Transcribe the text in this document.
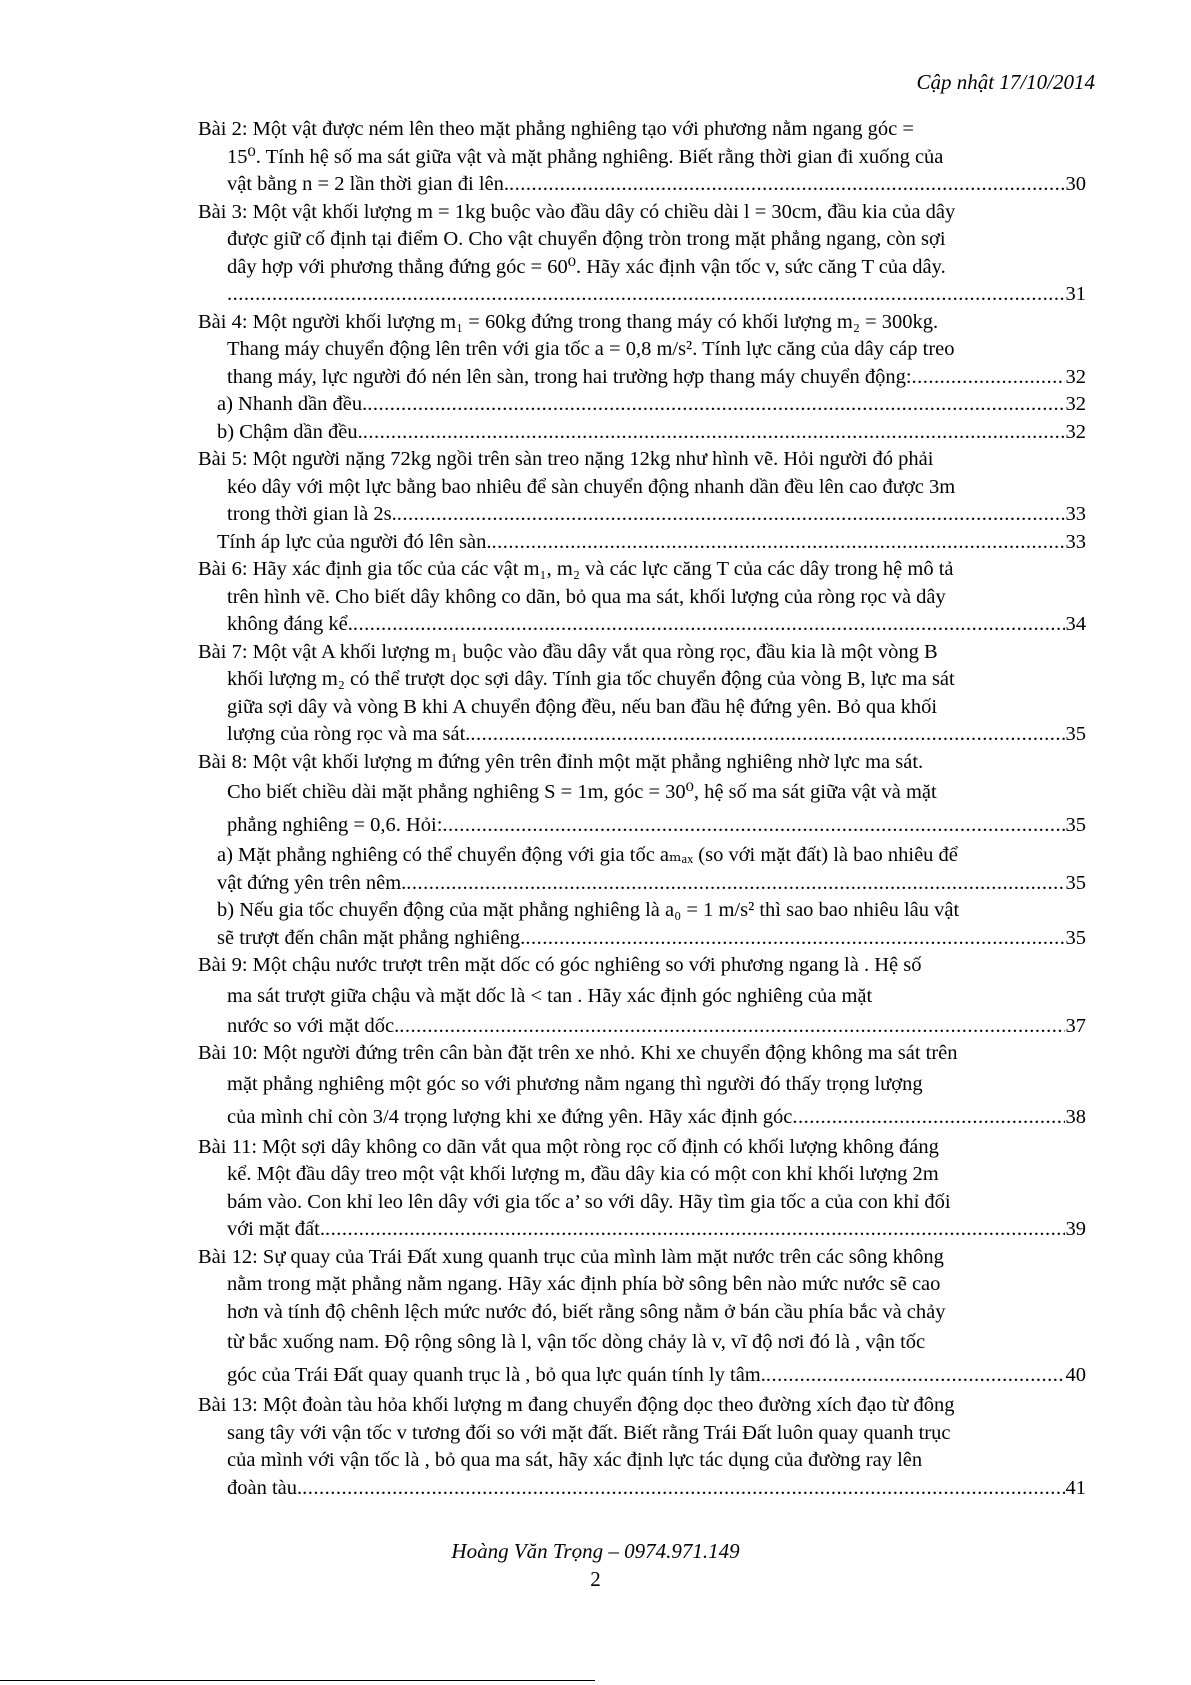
Cập nhật 17/10/2014
Bài 2: Một vật được ném lên theo mặt phẳng nghiêng tạo với phương nằm ngang góc =
15⁰. Tính hệ số ma sát giữa vật và mặt phẳng nghiêng. Biết rằng thời gian đi xuống của
vật bằng n = 2 lần thời gian đi lên. .....	30
Bài 3: Một vật khối lượng m = 1kg buộc vào đầu dây có chiều dài l = 30cm, đầu kia của dây
được giữ cố định tại điểm O. Cho vật chuyển động tròn trong mặt phẳng ngang, còn sợi
dây hợp với phương thẳng đứng góc = 60⁰. Hãy xác định vận tốc v, sức căng T của dây.
.....
31
Bài 4: Một người khối lượng m₁ = 60kg đứng trong thang máy có khối lượng m₂ = 300kg.
Thang máy chuyển động lên trên với gia tốc a = 0,8 m/s². Tính lực căng của dây cáp treo
thang máy, lực người đó nén lên sàn, trong hai trường hợp thang máy chuyển động: .....	32
a) Nhanh dần đều. .....	32
b) Chậm dần đều. .....	32
Bài 5: Một người nặng 72kg ngồi trên sàn treo nặng 12kg như hình vẽ. Hỏi người đó phải
kéo dây với một lực bằng bao nhiêu để sàn chuyển động nhanh dần đều lên cao được 3m
trong thời gian là 2s. .....	33
Tính áp lực của người đó lên sàn. .....	33
Bài 6: Hãy xác định gia tốc của các vật m₁, m₂ và các lực căng T của các dây trong hệ mô tả
trên hình vẽ. Cho biết dây không co dãn, bỏ qua ma sát, khối lượng của ròng rọc và dây
không đáng kể. .....	34
Bài 7: Một vật A khối lượng m₁ buộc vào đầu dây vắt qua ròng rọc, đầu kia là một vòng B
khối lượng m₂ có thể trượt dọc sợi dây. Tính gia tốc chuyển động của vòng B, lực ma sát
giữa sợi dây và vòng B khi A chuyển động đều, nếu ban đầu hệ đứng yên. Bỏ qua khối
lượng của ròng rọc và ma sát. .....	35
Bài 8: Một vật khối lượng m đứng yên trên đỉnh một mặt phẳng nghiêng nhờ lực ma sát.
Cho biết chiều dài mặt phẳng nghiêng S = 1m, góc = 30⁰, hệ số ma sát giữa vật và mặt
phẳng nghiêng = 0,6. Hỏi: .....	35
a) Mặt phẳng nghiêng có thể chuyển động với gia tốc aₘₐₓ (so với mặt đất) là bao nhiêu để
vật đứng yên trên nêm. .....	35
b) Nếu gia tốc chuyển động của mặt phẳng nghiêng là a₀ = 1 m/s² thì sao bao nhiêu lâu vật
sẽ trượt đến chân mặt phẳng nghiêng. .....	35
Bài 9: Một chậu nước trượt trên mặt dốc có góc nghiêng so với phương ngang là . Hệ số
ma sát trượt giữa chậu và mặt dốc là < tan . Hãy xác định góc nghiêng của mặt
nước so với mặt dốc. .....	37
Bài 10: Một người đứng trên cân bàn đặt trên xe nhỏ. Khi xe chuyển động không ma sát trên
mặt phẳng nghiêng một góc so với phương nằm ngang thì người đó thấy trọng lượng
của mình chỉ còn 3/4 trọng lượng khi xe đứng yên. Hãy xác định góc .....	38
Bài 11: Một sợi dây không co dãn vắt qua một ròng rọc cố định có khối lượng không đáng
kể. Một đầu dây treo một vật khối lượng m, đầu dây kia có một con khỉ khối lượng 2m
bám vào. Con khỉ leo lên dây với gia tốc a’ so với dây. Hãy tìm gia tốc a của con khỉ đối
với mặt đất. .....	39
Bài 12: Sự quay của Trái Đất xung quanh trục của mình làm mặt nước trên các sông không
nằm trong mặt phẳng nằm ngang. Hãy xác định phía bờ sông bên nào mức nước sẽ cao
hơn và tính độ chênh lệch mức nước đó, biết rằng sông nằm ở bán cầu phía bắc và chảy
từ bắc xuống nam. Độ rộng sông là l, vận tốc dòng chảy là v, vĩ độ nơi đó là , vận tốc
góc của Trái Đất quay quanh trục là , bỏ qua lực quán tính ly tâm. .....	40
Bài 13: Một đoàn tàu hỏa khối lượng m đang chuyển động dọc theo đường xích đạo từ đông
sang tây với vận tốc v tương đối so với mặt đất. Biết rằng Trái Đất luôn quay quanh trục
của mình với vận tốc là , bỏ qua ma sát, hãy xác định lực tác dụng của đường ray lên
đoàn tàu. .....	41
Hoàng Văn Trọng – 0974.971.149
2
